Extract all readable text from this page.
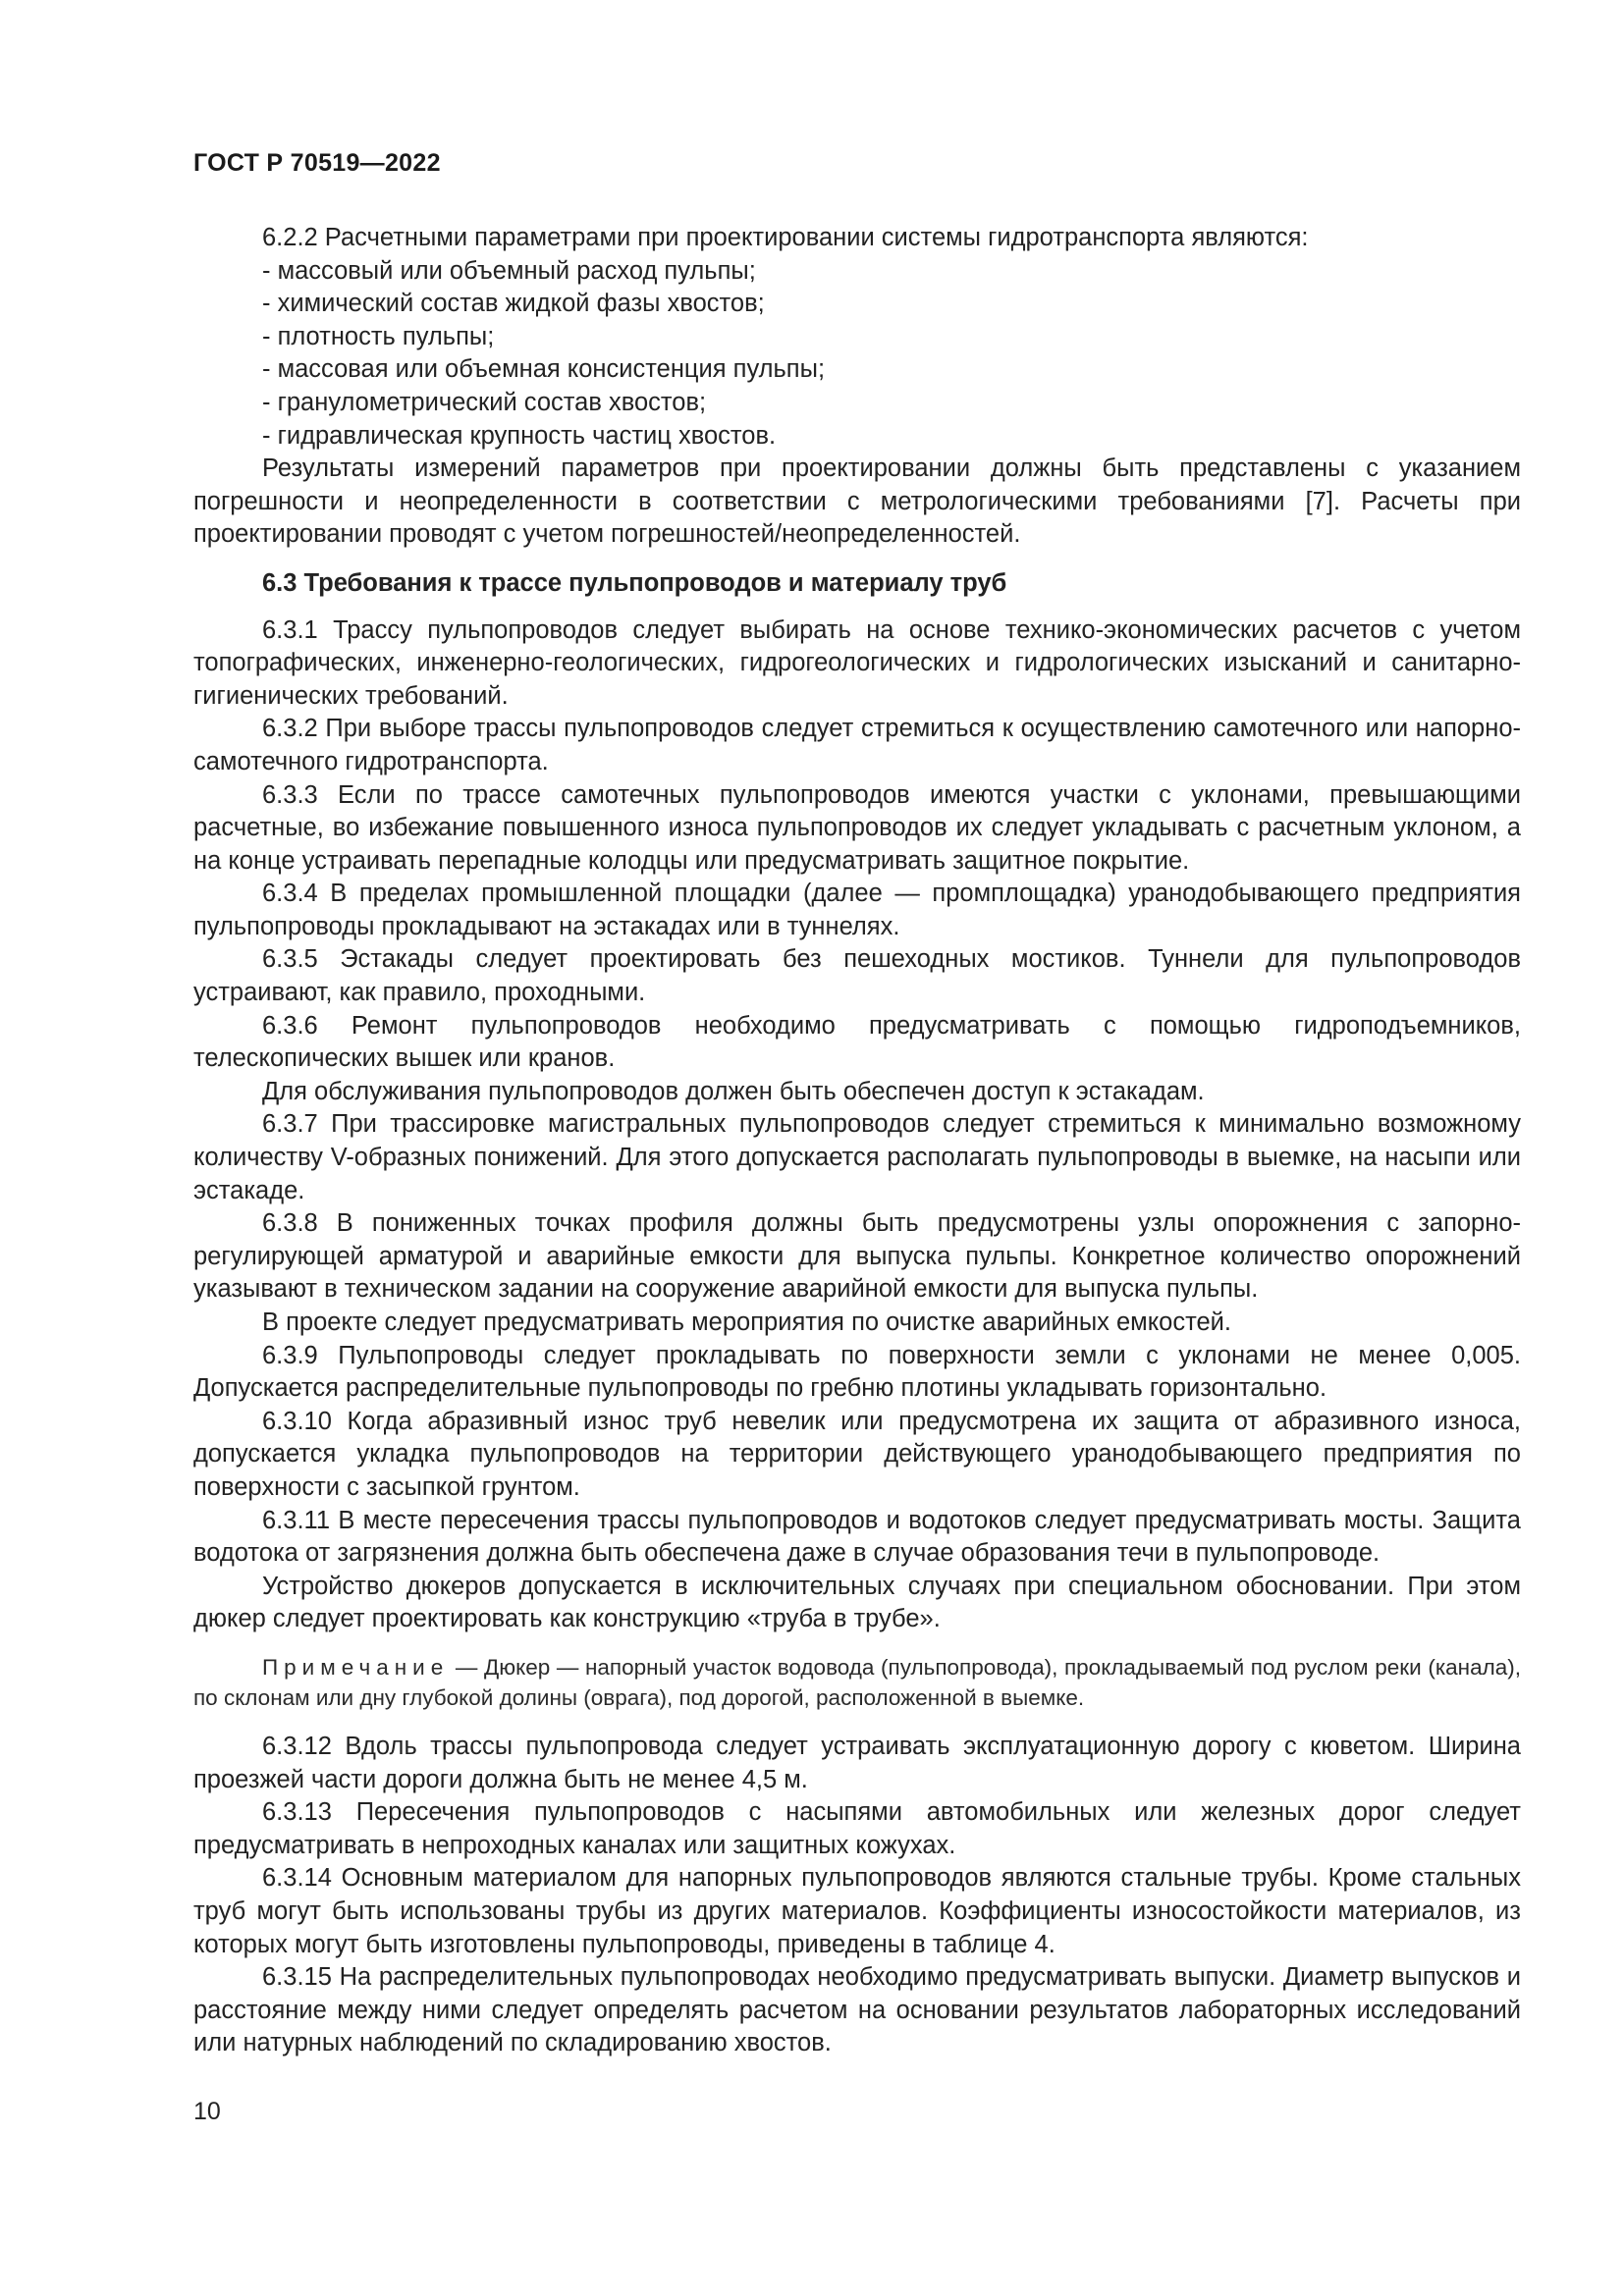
ГОСТ Р 70519—2022

6.2.2 Расчетными параметрами при проектировании системы гидротранспорта являются:

- массовый или объемный расход пульпы;

- химический состав жидкой фазы хвостов;

- плотность пульпы;

- массовая или объемная консистенция пульпы;

- гранулометрический состав хвостов;

- гидравлическая крупность частиц хвостов.

Результаты измерений параметров при проектировании должны быть представлены с указанием погрешности и неопределенности в соответствии с метрологическими требованиями [7]. Расчеты при проектировании проводят с учетом погрешностей/неопределенностей.

6.3 Требования к трассе пульпопроводов и материалу труб

6.3.1 Трассу пульпопроводов следует выбирать на основе технико-экономических расчетов с учетом топографических, инженерно-геологических, гидрогеологических и гидрологических изысканий и санитарно-гигиенических требований.

6.3.2 При выборе трассы пульпопроводов следует стремиться к осуществлению самотечного или напорно-самотечного гидротранспорта.

6.3.3 Если по трассе самотечных пульпопроводов имеются участки с уклонами, превышающими расчетные, во избежание повышенного износа пульпопроводов их следует укладывать с расчетным уклоном, а на конце устраивать перепадные колодцы или предусматривать защитное покрытие.

6.3.4 В пределах промышленной площадки (далее — промплощадка) уранодобывающего предприятия пульпопроводы прокладывают на эстакадах или в туннелях.

6.3.5 Эстакады следует проектировать без пешеходных мостиков. Туннели для пульпопроводов устраивают, как правило, проходными.

6.3.6 Ремонт пульпопроводов необходимо предусматривать с помощью гидроподъемников, телескопических вышек или кранов.

Для обслуживания пульпопроводов должен быть обеспечен доступ к эстакадам.

6.3.7 При трассировке магистральных пульпопроводов следует стремиться к минимально возможному количеству V-образных понижений. Для этого допускается располагать пульпопроводы в выемке, на насыпи или эстакаде.

6.3.8 В пониженных точках профиля должны быть предусмотрены узлы опорожнения с запорно-регулирующей арматурой и аварийные емкости для выпуска пульпы. Конкретное количество опорожнений указывают в техническом задании на сооружение аварийной емкости для выпуска пульпы.

В проекте следует предусматривать мероприятия по очистке аварийных емкостей.

6.3.9 Пульпопроводы следует прокладывать по поверхности земли с уклонами не менее 0,005. Допускается распределительные пульпопроводы по гребню плотины укладывать горизонтально.

6.3.10 Когда абразивный износ труб невелик или предусмотрена их защита от абразивного износа, допускается укладка пульпопроводов на территории действующего уранодобывающего предприятия по поверхности с засыпкой грунтом.

6.3.11 В месте пересечения трассы пульпопроводов и водотоков следует предусматривать мосты. Защита водотока от загрязнения должна быть обеспечена даже в случае образования течи в пульпопроводе.

Устройство дюкеров допускается в исключительных случаях при специальном обосновании. При этом дюкер следует проектировать как конструкцию «труба в трубе».

Примечание — Дюкер — напорный участок водовода (пульпопровода), прокладываемый под руслом реки (канала), по склонам или дну глубокой долины (оврага), под дорогой, расположенной в выемке.

6.3.12 Вдоль трассы пульпопровода следует устраивать эксплуатационную дорогу с кюветом. Ширина проезжей части дороги должна быть не менее 4,5 м.

6.3.13 Пересечения пульпопроводов с насыпями автомобильных или железных дорог следует предусматривать в непроходных каналах или защитных кожухах.

6.3.14 Основным материалом для напорных пульпопроводов являются стальные трубы. Кроме стальных труб могут быть использованы трубы из других материалов. Коэффициенты износостойкости материалов, из которых могут быть изготовлены пульпопроводы, приведены в таблице 4.

6.3.15 На распределительных пульпопроводах необходимо предусматривать выпуски. Диаметр выпусков и расстояние между ними следует определять расчетом на основании результатов лабораторных исследований или натурных наблюдений по складированию хвостов.

10
